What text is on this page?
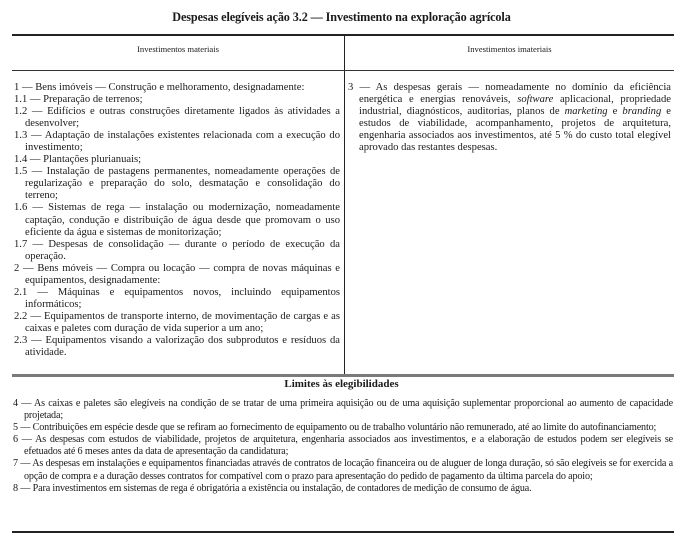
Despesas elegíveis ação 3.2 — Investimento na exploração agrícola
Investimentos materiais	Investimentos imateriais

1 — Bens imóveis — Construção e melhoramento, designadamente:

1.1 — Preparação de terrenos;

1.2 — Edifícios e outras construções diretamente ligados às atividades a desenvolver;

1.3 — Adaptação de instalações existentes relacionada com a execução do investimento;

1.4 — Plantações plurianuais;

1.5 — Instalação de pastagens permanentes, nomeadamente operações de regularização e preparação do solo, desmatação e consolidação do terreno;

1.6 — Sistemas de rega — instalação ou modernização, nomeadamente captação, condução e distribuição de água desde que promovam o uso eficiente da água e sistemas de monitorização;

1.7 — Despesas de consolidação — durante o período de execução da operação.

2 — Bens móveis — Compra ou locação — compra de novas máquinas e equipamentos, designadamente:

2.1 — Máquinas e equipamentos novos, incluindo equipamentos informáticos;

2.2 — Equipamentos de transporte interno, de movimentação de cargas e as caixas e paletes com duração de vida superior a um ano;

2.3 — Equipamentos visando a valorização dos subprodutos e resíduos da atividade.

3 — As despesas gerais — nomeadamente no domínio da eficiência energética e energias renováveis, software aplicacional, propriedade industrial, diagnósticos, auditorias, planos de marketing e branding e estudos de viabilidade, acompanhamento, projetos de arquitetura, engenharia associados aos investimentos, até 5 % do custo total elegível aprovado das restantes despesas.

Limites às elegibilidades

4 — As caixas e paletes são elegíveis na condição de se tratar de uma primeira aquisição ou de uma aquisição suplementar proporcional ao aumento de capacidade projetada;

5 — Contribuições em espécie desde que se refiram ao fornecimento de equipamento ou de trabalho voluntário não remunerado, até ao limite do autofinanciamento;

6 — As despesas com estudos de viabilidade, projetos de arquitetura, engenharia associados aos investimentos, e a elaboração de estudos podem ser elegíveis se efetuados até 6 meses antes da data de apresentação da candidatura;

7 — As despesas em instalações e equipamentos financiadas através de contratos de locação financeira ou de aluguer de longa duração, só são elegíveis se for exercida a opção de compra e a duração desses contratos for compatível com o prazo para apresentação do pedido de pagamento da última parcela do apoio;

8 — Para investimentos em sistemas de rega é obrigatória a existência ou instalação, de contadores de medição de consumo de água.
